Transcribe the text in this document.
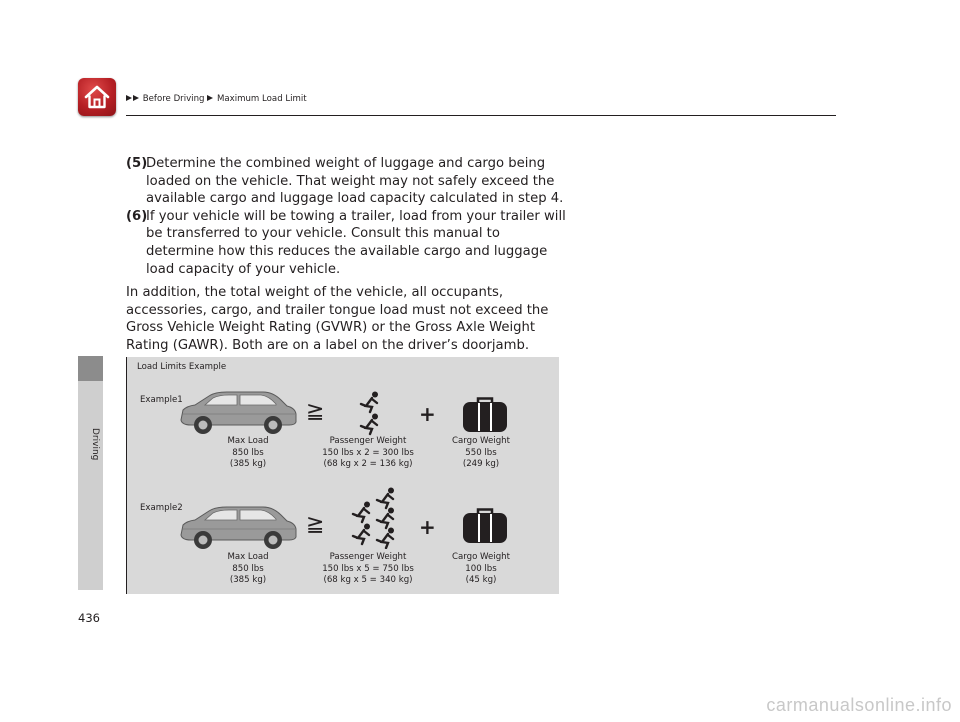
Before Driving Maximum Load Limit
Driving
(5)
Determine the combined weight of luggage and cargo being
loaded on the vehicle. That weight may not safely exceed the
available cargo and luggage load capacity calculated in step 4.
(6)
If your vehicle will be towing a trailer, load from your trailer will
be transferred to your vehicle. Consult this manual to
determine how this reduces the available cargo and luggage
load capacity of your vehicle.
In addition, the total weight of the vehicle, all occupants,
accessories, cargo, and trailer tongue load must not exceed the
Gross Vehicle Weight Rating (GVWR) or the Gross Axle Weight
Rating (GAWR). Both are on a label on the driver’s doorjamb.
Load Limits Example
Example1	≧	+
Max Load
850 lbs
(385 kg)
Passenger Weight
150 lbs x 2 = 300 lbs
(68 kg x 2 = 136 kg)
Cargo Weight
550 lbs
(249 kg)
Example2
≧	+
Max Load
850 lbs
(385 kg)
Passenger Weight
150 lbs x 5 = 750 lbs
(68 kg x 5 = 340 kg)
Cargo Weight
100 lbs
(45 kg)
436
carmanualsonline.info
